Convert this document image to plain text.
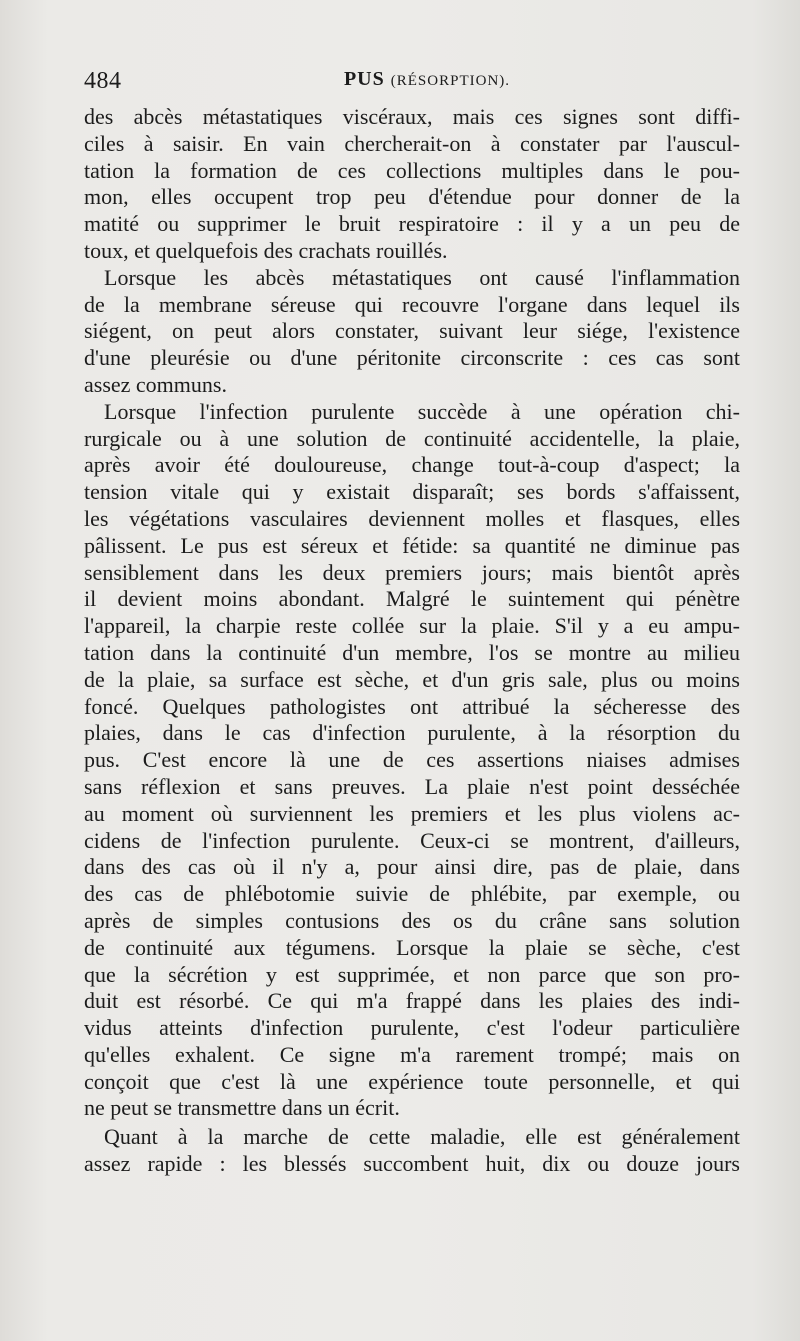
484	PUS (RÉSORPTION).
des abcès métastatiques viscéraux, mais ces signes sont diffi-
ciles à saisir. En vain chercherait-on à constater par l'auscul-
tation la formation de ces collections multiples dans le pou-
mon, elles occupent trop peu d'étendue pour donner de la
matité ou supprimer le bruit respiratoire : il y a un peu de
toux, et quelquefois des crachats rouillés.
Lorsque les abcès métastatiques ont causé l'inflammation
de la membrane séreuse qui recouvre l'organe dans lequel ils
siégent, on peut alors constater, suivant leur siége, l'existence
d'une pleurésie ou d'une péritonite circonscrite : ces cas sont
assez communs.
Lorsque l'infection purulente succède à une opération chi-
rurgicale ou à une solution de continuité accidentelle, la plaie,
après avoir été douloureuse, change tout-à-coup d'aspect; la
tension vitale qui y existait disparaît; ses bords s'affaissent,
les végétations vasculaires deviennent molles et flasques, elles
pâlissent. Le pus est séreux et fétide: sa quantité ne diminue pas
sensiblement dans les deux premiers jours; mais bientôt après
il devient moins abondant. Malgré le suintement qui pénètre
l'appareil, la charpie reste collée sur la plaie. S'il y a eu ampu-
tation dans la continuité d'un membre, l'os se montre au milieu
de la plaie, sa surface est sèche, et d'un gris sale, plus ou moins
foncé. Quelques pathologistes ont attribué la sécheresse des
plaies, dans le cas d'infection purulente, à la résorption du
pus. C'est encore là une de ces assertions niaises admises
sans réflexion et sans preuves. La plaie n'est point desséchée
au moment où surviennent les premiers et les plus violens ac-
cidens de l'infection purulente. Ceux-ci se montrent, d'ailleurs,
dans des cas où il n'y a, pour ainsi dire, pas de plaie, dans
des cas de phlébotomie suivie de phlébite, par exemple, ou
après de simples contusions des os du crâne sans solution
de continuité aux tégumens. Lorsque la plaie se sèche, c'est
que la sécrétion y est supprimée, et non parce que son pro-
duit est résorbé. Ce qui m'a frappé dans les plaies des indi-
vidus atteints d'infection purulente, c'est l'odeur particulière
qu'elles exhalent. Ce signe m'a rarement trompé; mais on
conçoit que c'est là une expérience toute personnelle, et qui
ne peut se transmettre dans un écrit.
Quant à la marche de cette maladie, elle est généralement
assez rapide : les blessés succombent huit, dix ou douze jours
